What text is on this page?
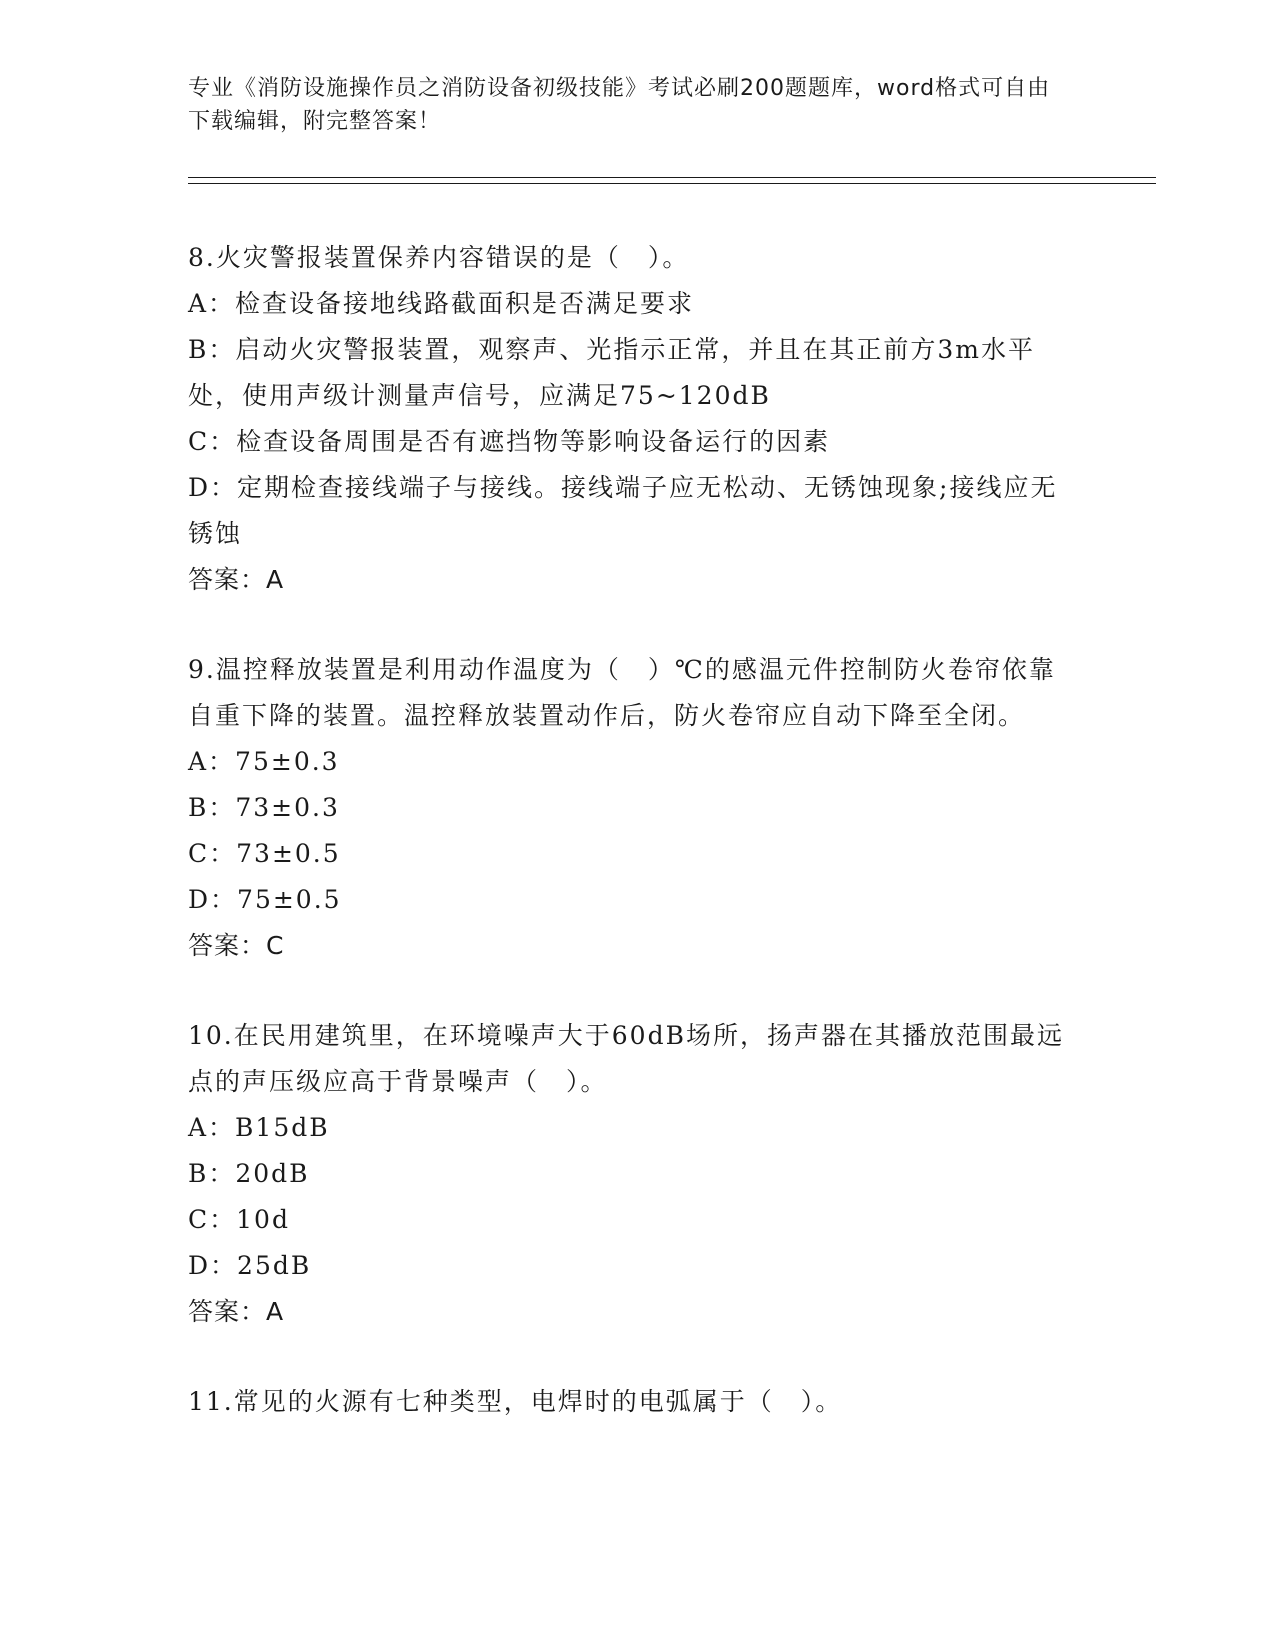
专业《消防设施操作员之消防设备初级技能》考试必刷200题题库，word格式可自由下载编辑，附完整答案！

8.火灾警报装置保养内容错误的是（　）。

A：检查设备接地线路截面积是否满足要求

B：启动火灾警报装置，观察声、光指示正常，并且在其正前方3m水平处，使用声级计测量声信号，应满足75~120dB

C：检查设备周围是否有遮挡物等影响设备运行的因素

D：定期检查接线端子与接线。接线端子应无松动、无锈蚀现象;接线应无锈蚀

答案：A

9.温控释放装置是利用动作温度为（　）℃的感温元件控制防火卷帘依靠自重下降的装置。温控释放装置动作后，防火卷帘应自动下降至全闭。

A：75±0.3

B：73±0.3

C：73±0.5

D：75±0.5

答案：C

10.在民用建筑里，在环境噪声大于60dB场所，扬声器在其播放范围最远点的声压级应高于背景噪声（　）。

A：B15dB

B：20dB

C：10d

D：25dB

答案：A

11.常见的火源有七种类型，电焊时的电弧属于（　）。
